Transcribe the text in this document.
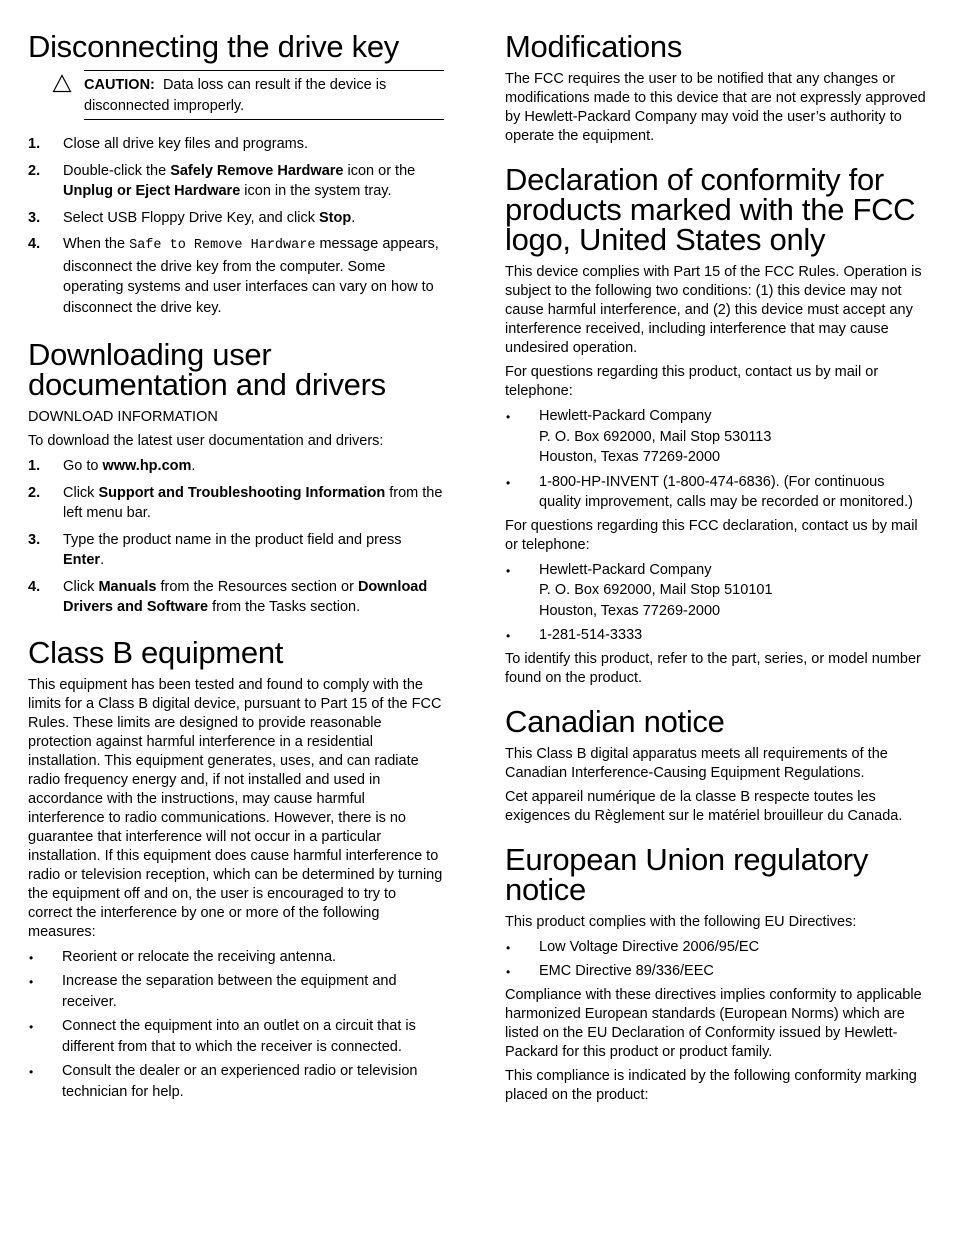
Disconnecting the drive key
CAUTION: Data loss can result if the device is disconnected improperly.
1. Close all drive key files and programs.
2. Double-click the Safely Remove Hardware icon or the Unplug or Eject Hardware icon in the system tray.
3. Select USB Floppy Drive Key, and click Stop.
4. When the Safe to Remove Hardware message appears, disconnect the drive key from the computer. Some operating systems and user interfaces can vary on how to disconnect the drive key.
Downloading user documentation and drivers
DOWNLOAD INFORMATION

To download the latest user documentation and drivers:

1. Go to www.hp.com.
2. Click Support and Troubleshooting Information from the left menu bar.
3. Type the product name in the product field and press Enter.
4. Click Manuals from the Resources section or Download Drivers and Software from the Tasks section.
Class B equipment

This equipment has been tested and found to comply with the limits for a Class B digital device, pursuant to Part 15 of the FCC Rules. These limits are designed to provide reasonable protection against harmful interference in a residential installation. This equipment generates, uses, and can radiate radio frequency energy and, if not installed and used in accordance with the instructions, may cause harmful interference to radio communications. However, there is no guarantee that interference will not occur in a particular installation. If this equipment does cause harmful interference to radio or television reception, which can be determined by turning the equipment off and on, the user is encouraged to try to correct the interference by one or more of the following measures:

• Reorient or relocate the receiving antenna.
• Increase the separation between the equipment and receiver.
• Connect the equipment into an outlet on a circuit that is different from that to which the receiver is connected.
• Consult the dealer or an experienced radio or television technician for help.
Modifications

The FCC requires the user to be notified that any changes or modifications made to this device that are not expressly approved by Hewlett-Packard Company may void the user’s authority to operate the equipment.

Declaration of conformity for products marked with the FCC logo, United States only

This device complies with Part 15 of the FCC Rules. Operation is subject to the following two conditions: (1) this device may not cause harmful interference, and (2) this device must accept any interference received, including interference that may cause undesired operation.

For questions regarding this product, contact us by mail or telephone:

• Hewlett-Packard Company
P. O. Box 692000, Mail Stop 530113
Houston, Texas 77269-2000
• 1-800-HP-INVENT (1-800-474-6836). (For continuous quality improvement, calls may be recorded or monitored.)

For questions regarding this FCC declaration, contact us by mail or telephone:

• Hewlett-Packard Company
P. O. Box 692000, Mail Stop 510101
Houston, Texas 77269-2000
• 1-281-514-3333

To identify this product, refer to the part, series, or model number found on the product.

Canadian notice

This Class B digital apparatus meets all requirements of the Canadian Interference-Causing Equipment Regulations.

Cet appareil numérique de la classe B respecte toutes les exigences du Règlement sur le matériel brouilleur du Canada.

European Union regulatory notice

This product complies with the following EU Directives:

• Low Voltage Directive 2006/95/EC
• EMC Directive 89/336/EEC

Compliance with these directives implies conformity to applicable harmonized European standards (European Norms) which are listed on the EU Declaration of Conformity issued by Hewlett-Packard for this product or product family.

This compliance is indicated by the following conformity marking placed on the product:
